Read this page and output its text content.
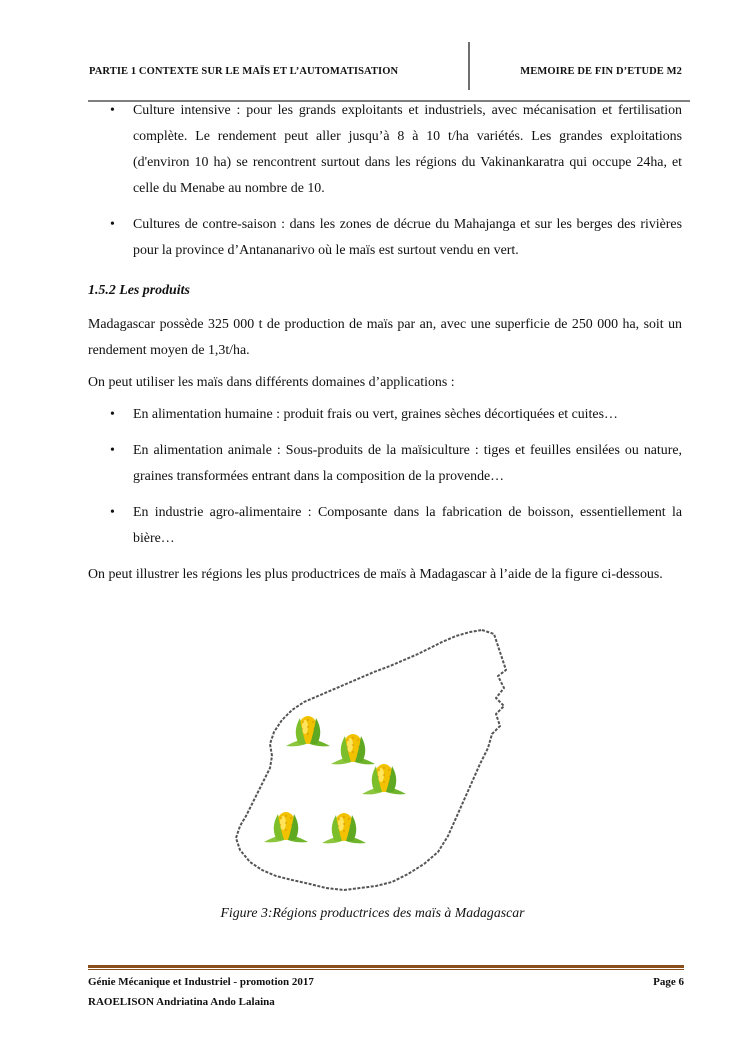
PARTIE 1 CONTEXTE SUR LE MAÏS ET L’AUTOMATISATION	MEMOIRE DE FIN D’ETUDE M2
• Culture intensive : pour les grands exploitants et industriels, avec mécanisation et fertilisation complète. Le rendement peut aller jusqu’à 8 à 10 t/ha variétés. Les grandes exploitations (d'environ 10 ha) se rencontrent surtout dans les régions du Vakinankaratra qui occupe 24ha, et celle du Menabe au nombre de 10.
• Cultures de contre-saison : dans les zones de décrue du Mahajanga et sur les berges des rivières pour la province d’Antananarivo où le maïs est surtout vendu en vert.

1.5.2 Les produits

Madagascar possède 325 000 t de production de maïs par an, avec une superficie de 250 000 ha, soit un rendement moyen de 1,3t/ha.

On peut utiliser les maïs dans différents domaines d’applications :

• En alimentation humaine : produit frais ou vert, graines sèches décortiquées et cuites…
• En alimentation animale : Sous-produits de la maïsiculture : tiges et feuilles ensilées ou nature, graines transformées entrant dans la composition de la provende…
• En industrie agro-alimentaire : Composante dans la fabrication de boisson, essentiellement la bière…

On peut illustrer les régions les plus productrices de maïs à Madagascar à l’aide de la figure ci-dessous.

Figure 3:Régions productrices des maïs à Madagascar
Génie Mécanique et Industriel - promotion 2017	Page 6
RAOELISON Andriatina Ando Lalaina
